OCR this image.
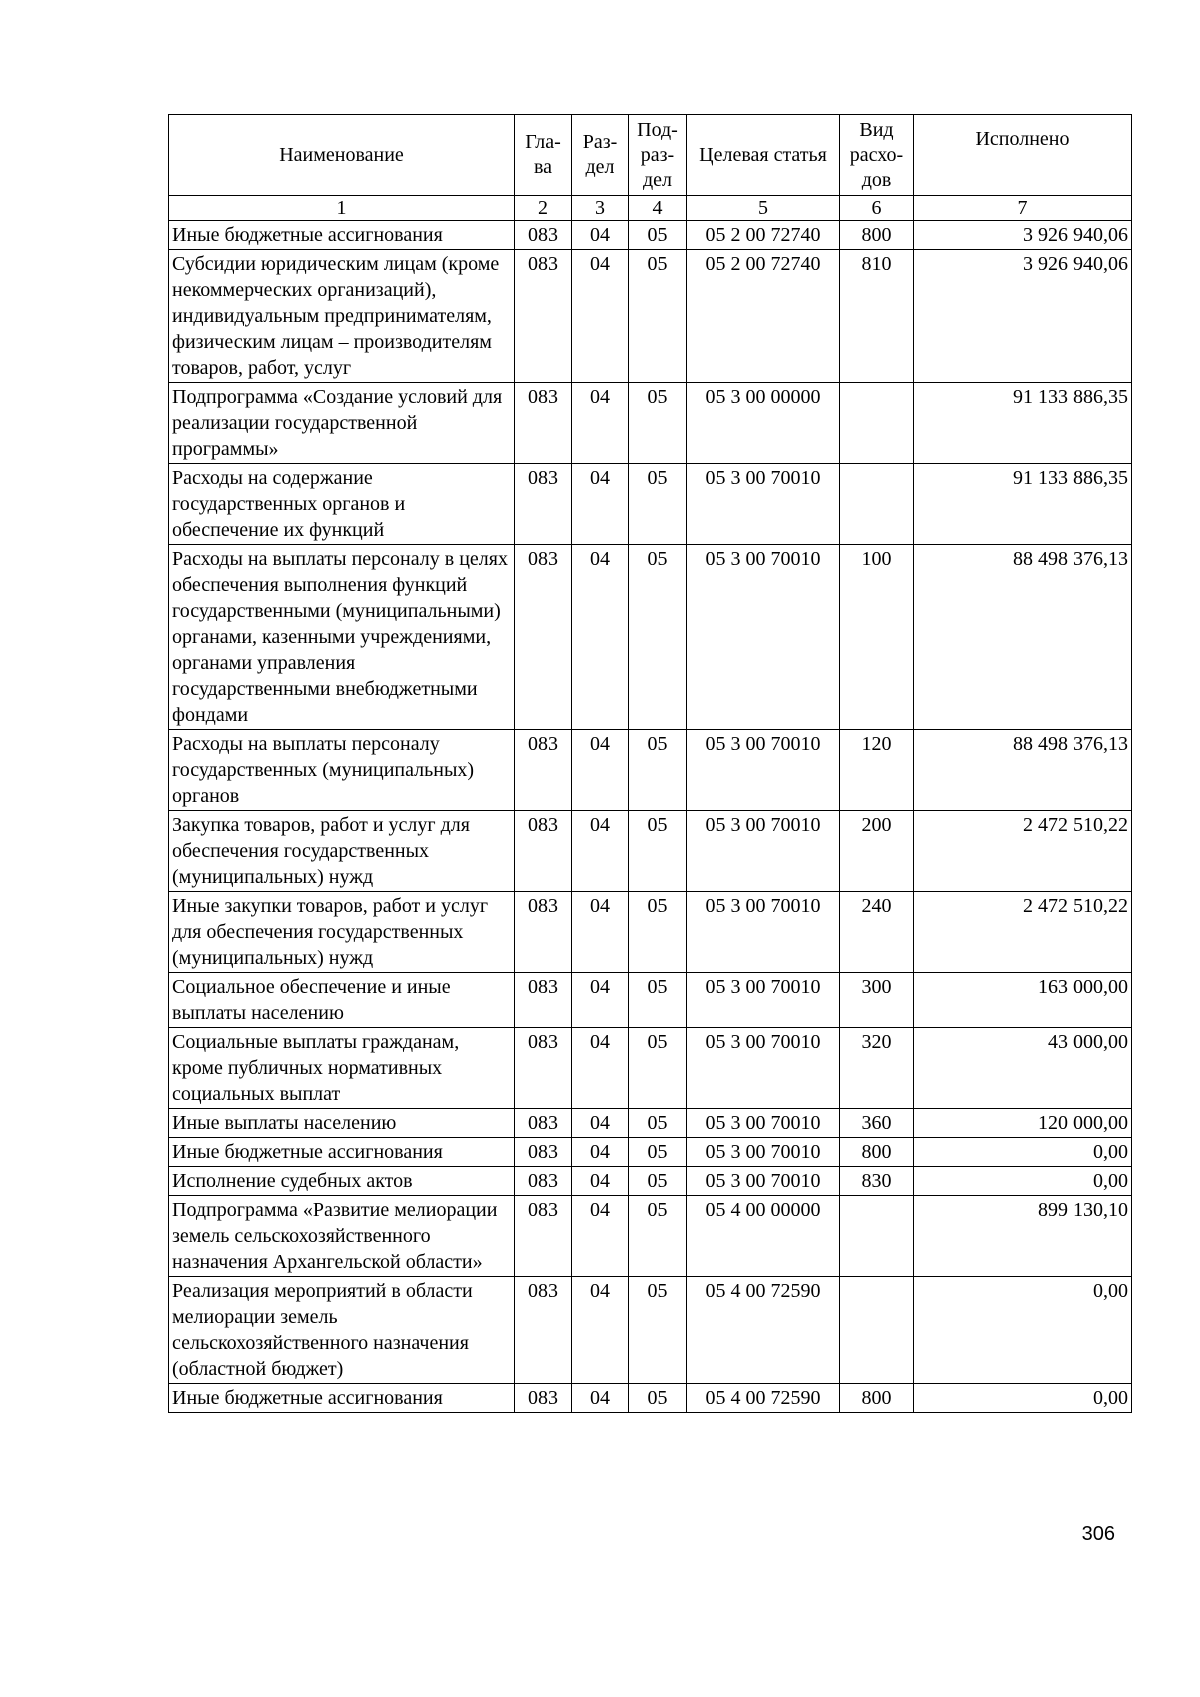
Наименование	Гла-ва	Раз-дел	Под-раз-дел	Целевая статья	Вид расхо-дов	Исполнено
1	2	3	4	5	6	7
Иные бюджетные ассигнования	083	04	05	05 2 00 72740	800	3 926 940,06
Субсидии юридическим лицам (кроме некоммерческих организаций), индивидуальным предпринимателям, физическим лицам – производителям товаров, работ, услуг	083	04	05	05 2 00 72740	810	3 926 940,06
Подпрограмма «Создание условий для реализации государственной программы»	083	04	05	05 3 00 00000		91 133 886,35
Расходы на содержание государственных органов и обеспечение их функций	083	04	05	05 3 00 70010		91 133 886,35
Расходы на выплаты персоналу в целях обеспечения выполнения функций государственными (муниципальными) органами, казенными учреждениями, органами управления государственными внебюджетными фондами	083	04	05	05 3 00 70010	100	88 498 376,13
Расходы на выплаты персоналу государственных (муниципальных) органов	083	04	05	05 3 00 70010	120	88 498 376,13
Закупка товаров, работ и услуг для обеспечения государственных (муниципальных) нужд	083	04	05	05 3 00 70010	200	2 472 510,22
Иные закупки товаров, работ и услуг для обеспечения государственных (муниципальных) нужд	083	04	05	05 3 00 70010	240	2 472 510,22
Социальное обеспечение и иные выплаты населению	083	04	05	05 3 00 70010	300	163 000,00
Социальные выплаты гражданам, кроме публичных нормативных социальных выплат	083	04	05	05 3 00 70010	320	43 000,00
Иные выплаты населению	083	04	05	05 3 00 70010	360	120 000,00
Иные бюджетные ассигнования	083	04	05	05 3 00 70010	800	0,00
Исполнение судебных актов	083	04	05	05 3 00 70010	830	0,00
Подпрограмма «Развитие мелиорации земель сельскохозяйственного назначения Архангельской области»	083	04	05	05 4 00 00000		899 130,10
Реализация мероприятий в области мелиорации земель сельскохозяйственного назначения (областной бюджет)	083	04	05	05 4 00 72590		0,00
Иные бюджетные ассигнования	083	04	05	05 4 00 72590	800	0,00
306
